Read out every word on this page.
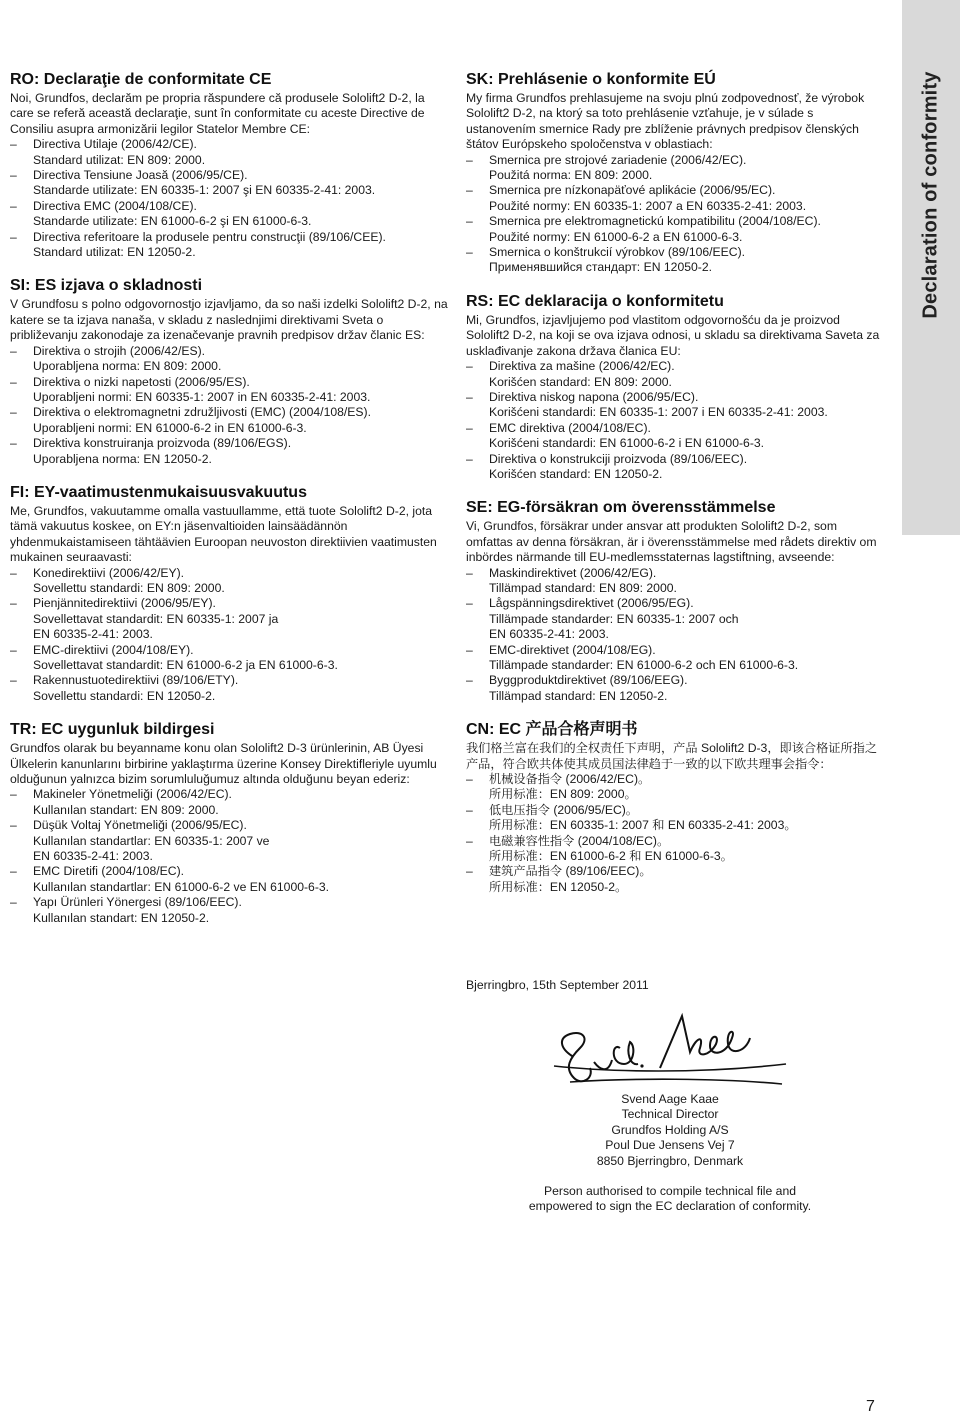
Declaration of conformity
RO: Declaraţie de conformitate CE

Noi, Grundfos, declarăm pe propria răspundere că produsele Sololift2 D-2, la care se referă această declaraţie, sunt în conformitate cu aceste Directive de Consiliu asupra armonizării legilor Statelor Membre CE:

– Directiva Utilaje (2006/42/CE).
Standard utilizat: EN 809: 2000.
– Directiva Tensiune Joasă (2006/95/CE).
Standarde utilizate: EN 60335-1: 2007 şi EN 60335-2-41: 2003.
– Directiva EMC (2004/108/CE).
Standarde utilizate: EN 61000-6-2 şi EN 61000-6-3.
– Directiva referitoare la produsele pentru construcţii (89/106/CEE).
Standard utilizat: EN 12050-2.
SI: ES izjava o skladnosti

V Grundfosu s polno odgovornostjo izjavljamo, da so naši izdelki Sololift2 D-2, na katere se ta izjava nanaša, v skladu z naslednjimi direktivami Sveta o približevanju zakonodaje za izenačevanje pravnih predpisov držav članic ES:

– Direktiva o strojih (2006/42/ES).
Uporabljena norma: EN 809: 2000.
– Direktiva o nizki napetosti (2006/95/ES).
Uporabljeni normi: EN 60335-1: 2007 in EN 60335-2-41: 2003.
– Direktiva o elektromagnetni združljivosti (EMC) (2004/108/ES).
Uporabljeni normi: EN 61000-6-2 in EN 61000-6-3.
– Direktiva konstruiranja proizvoda (89/106/EGS).
Uporabljena norma: EN 12050-2.
FI: EY-vaatimustenmukaisuusvakuutus

Me, Grundfos, vakuutamme omalla vastuullamme, että tuote Sololift2 D-2, jota tämä vakuutus koskee, on EY:n jäsenvaltioiden lainsäädännön yhdenmukaistamiseen tähtäävien Euroopan neuvoston direktiivien vaatimusten mukainen seuraavasti:

– Konedirektiivi (2006/42/EY).
Sovellettu standardi: EN 809: 2000.
– Pienjännitedirektiivi (2006/95/EY).
Sovellettavat standardit: EN 60335-1: 2007 ja
EN 60335-2-41: 2003.
– EMC-direktiivi (2004/108/EY).
Sovellettavat standardit: EN 61000-6-2 ja EN 61000-6-3.
– Rakennustuotedirektiivi (89/106/ETY).
Sovellettu standardi: EN 12050-2.
TR: EC uygunluk bildirgesi

Grundfos olarak bu beyanname konu olan Sololift2 D-3 ürünlerinin, AB Üyesi Ülkelerin kanunlarını birbirine yaklaştırma üzerine Konsey Direktifleriyle uyumlu olduğunun yalnızca bizim sorumluluğumuz altında olduğunu beyan ederiz:

– Makineler Yönetmeliği (2006/42/EC).
Kullanılan standart: EN 809: 2000.
– Düşük Voltaj Yönetmeliği (2006/95/EC).
Kullanılan standartlar: EN 60335-1: 2007 ve
EN 60335-2-41: 2003.
– EMC Diretifi (2004/108/EC).
Kullanılan standartlar: EN 61000-6-2 ve EN 61000-6-3.
– Yapı Ürünleri Yönergesi (89/106/EEC).
Kullanılan standart: EN 12050-2.
SK: Prehlásenie o konformite EÚ

My firma Grundfos prehlasujeme na svoju plnú zodpovednosť, že výrobok Sololift2 D-2, na ktorý sa toto prehlásenie vzťahuje, je v súlade s ustanovením smernice Rady pre zblíženie právnych predpisov členských štátov Európskeho spoločenstva v oblastiach:

– Smernica pre strojové zariadenie (2006/42/EC).
Použitá norma: EN 809: 2000.
– Smernica pre nízkonapäťové aplikácie (2006/95/EC).
Použité normy: EN 60335-1: 2007 a EN 60335-2-41: 2003.
– Smernica pre elektromagnetickú kompatibilitu (2004/108/EC).
Použité normy: EN 61000-6-2 a EN 61000-6-3.
– Smernica o konštrukcií výrobkov (89/106/EEC).
Применявшийся стандарт: EN 12050-2.
RS: EC deklaracija o konformitetu

Mi, Grundfos, izjavljujemo pod vlastitom odgovornošću da je proizvod Sololift2 D-2, na koji se ova izjava odnosi, u skladu sa direktivama Saveta za usklađivanje zakona država članica EU:

– Direktiva za mašine (2006/42/EC).
Korišćen standard: EN 809: 2000.
– Direktiva niskog napona (2006/95/EC).
Korišćeni standardi: EN 60335-1: 2007 i EN 60335-2-41: 2003.
– EMC direktiva (2004/108/EC).
Korišćeni standardi: EN 61000-6-2 i EN 61000-6-3.
– Direktiva o konstrukciji proizvoda (89/106/EEC).
Korišćen standard: EN 12050-2.
SE: EG-försäkran om överensstämmelse

Vi, Grundfos, försäkrar under ansvar att produkten Sololift2 D-2, som omfattas av denna försäkran, är i överensstämmelse med rådets direktiv om inbördes närmande till EU-medlemsstaternas lagstiftning, avseende:

– Maskindirektivet (2006/42/EG).
Tillämpad standard: EN 809: 2000.
– Lågspänningsdirektivet (2006/95/EG).
Tillämpade standarder: EN 60335-1: 2007 och
EN 60335-2-41: 2003.
– EMC-direktivet (2004/108/EG).
Tillämpade standarder: EN 61000-6-2 och EN 61000-6-3.
– Byggproduktdirektivet (89/106/EEG).
Tillämpad standard: EN 12050-2.
CN: EC 产品合格声明书

我们格兰富在我们的全权责任下声明，产品 Sololift2 D-3，即该合格证所指之产品，符合欧共体使其成员国法律趋于一致的以下欧共理事会指令：

– 机械设备指令 (2006/42/EC)。
所用标准：EN 809: 2000。
– 低电压指令 (2006/95/EC)。
所用标准：EN 60335-1: 2007 和 EN 60335-2-41: 2003。
– 电磁兼容性指令 (2004/108/EC)。
所用标准：EN 61000-6-2 和 EN 61000-6-3。
– 建筑产品指令 (89/106/EEC)。
所用标准：EN 12050-2。
Bjerringbro, 15th September 2011
Svend Aage Kaae
Technical Director
Grundfos Holding A/S
Poul Due Jensens Vej 7
8850 Bjerringbro, Denmark
Person authorised to compile technical file and
empowered to sign the EC declaration of conformity.
7
